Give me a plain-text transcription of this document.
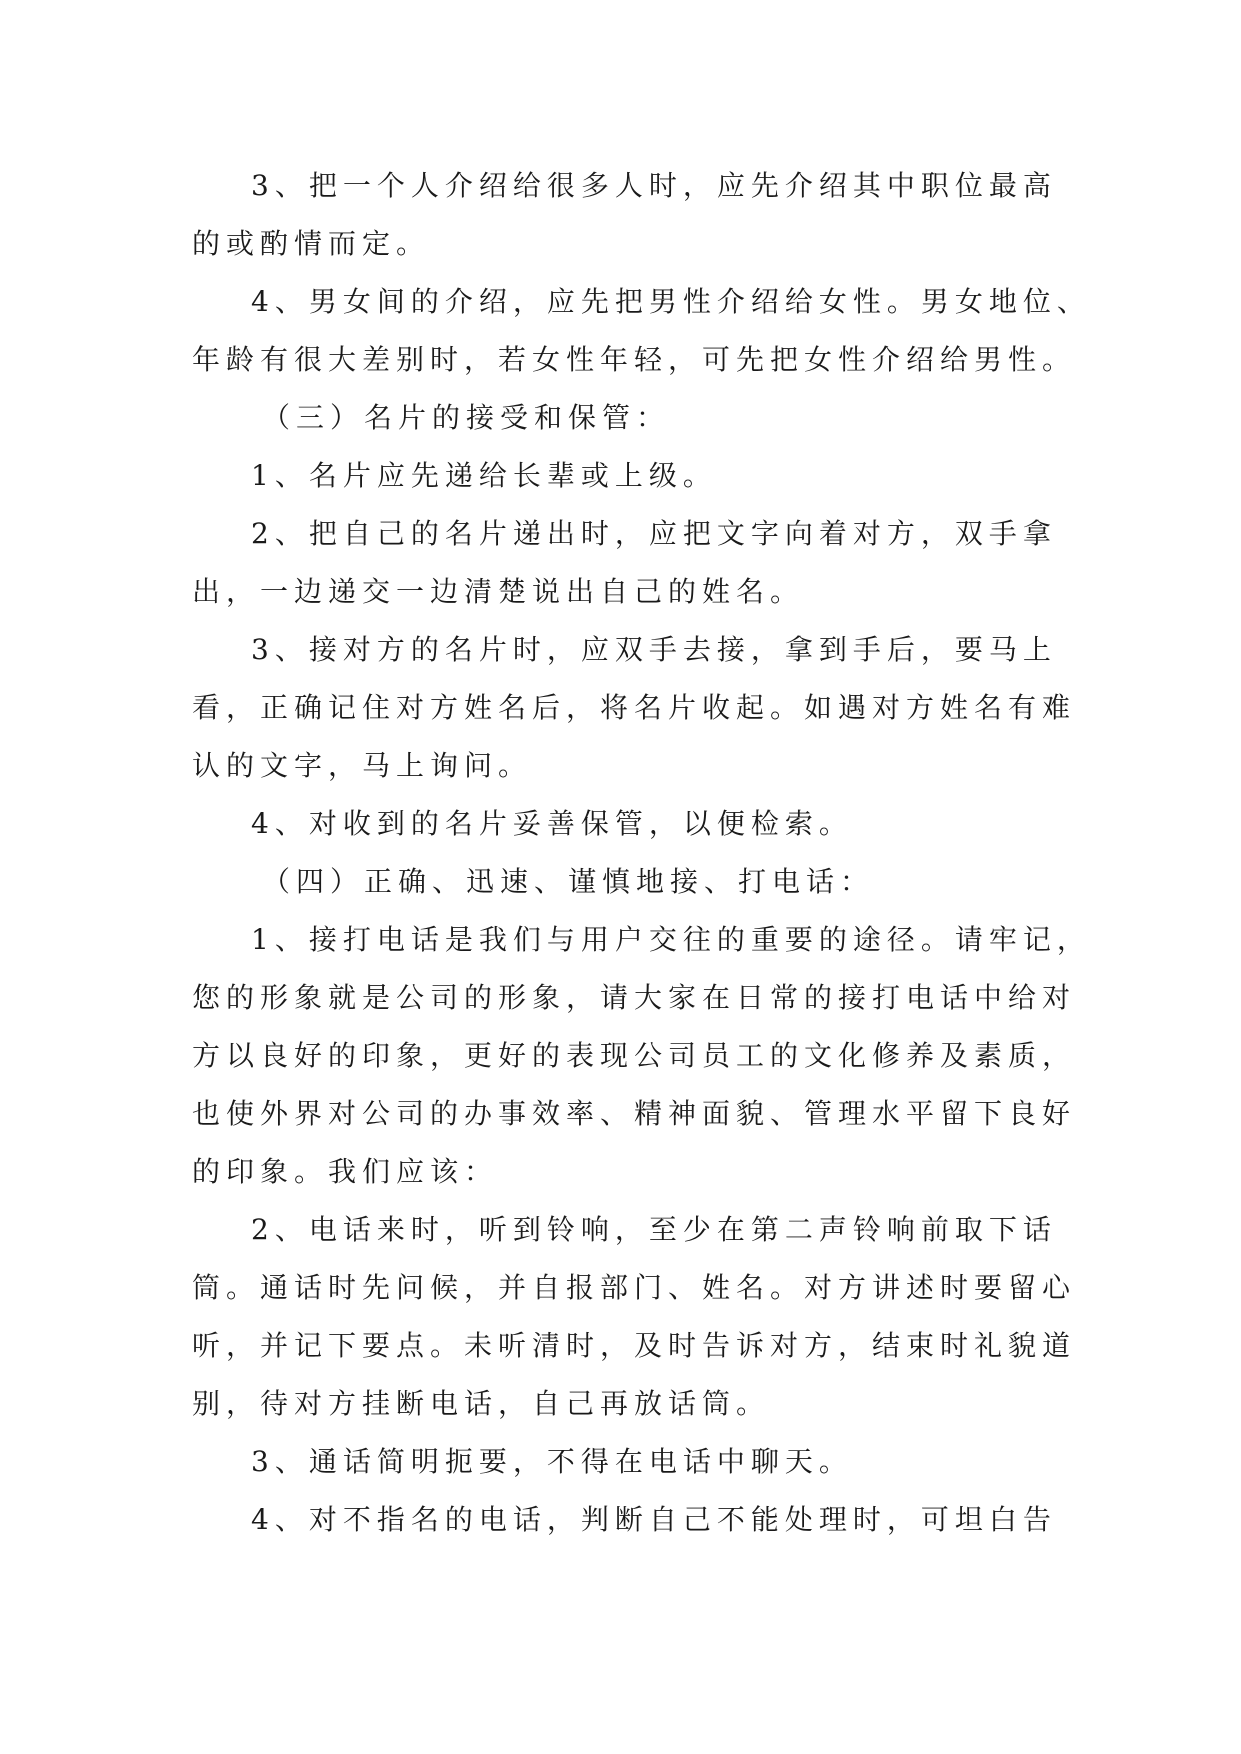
3、把一个人介绍给很多人时，应先介绍其中职位最高
的或酌情而定。
4、男女间的介绍，应先把男性介绍给女性。男女地位、
年龄有很大差别时，若女性年轻，可先把女性介绍给男性。
（三）名片的接受和保管：
1、名片应先递给长辈或上级。
2、把自己的名片递出时，应把文字向着对方，双手拿
出，一边递交一边清楚说出自己的姓名。
3、接对方的名片时，应双手去接，拿到手后，要马上
看，正确记住对方姓名后，将名片收起。如遇对方姓名有难
认的文字，马上询问。
4、对收到的名片妥善保管，以便检索。
（四）正确、迅速、谨慎地接、打电话：
1、接打电话是我们与用户交往的重要的途径。请牢记，
您的形象就是公司的形象，请大家在日常的接打电话中给对
方以良好的印象，更好的表现公司员工的文化修养及素质，
也使外界对公司的办事效率、精神面貌、管理水平留下良好
的印象。我们应该：
2、电话来时，听到铃响，至少在第二声铃响前取下话
筒。通话时先问候，并自报部门、姓名。对方讲述时要留心
听，并记下要点。未听清时，及时告诉对方，结束时礼貌道
别，待对方挂断电话，自己再放话筒。
3、通话简明扼要，不得在电话中聊天。
4、对不指名的电话，判断自己不能处理时，可坦白告
